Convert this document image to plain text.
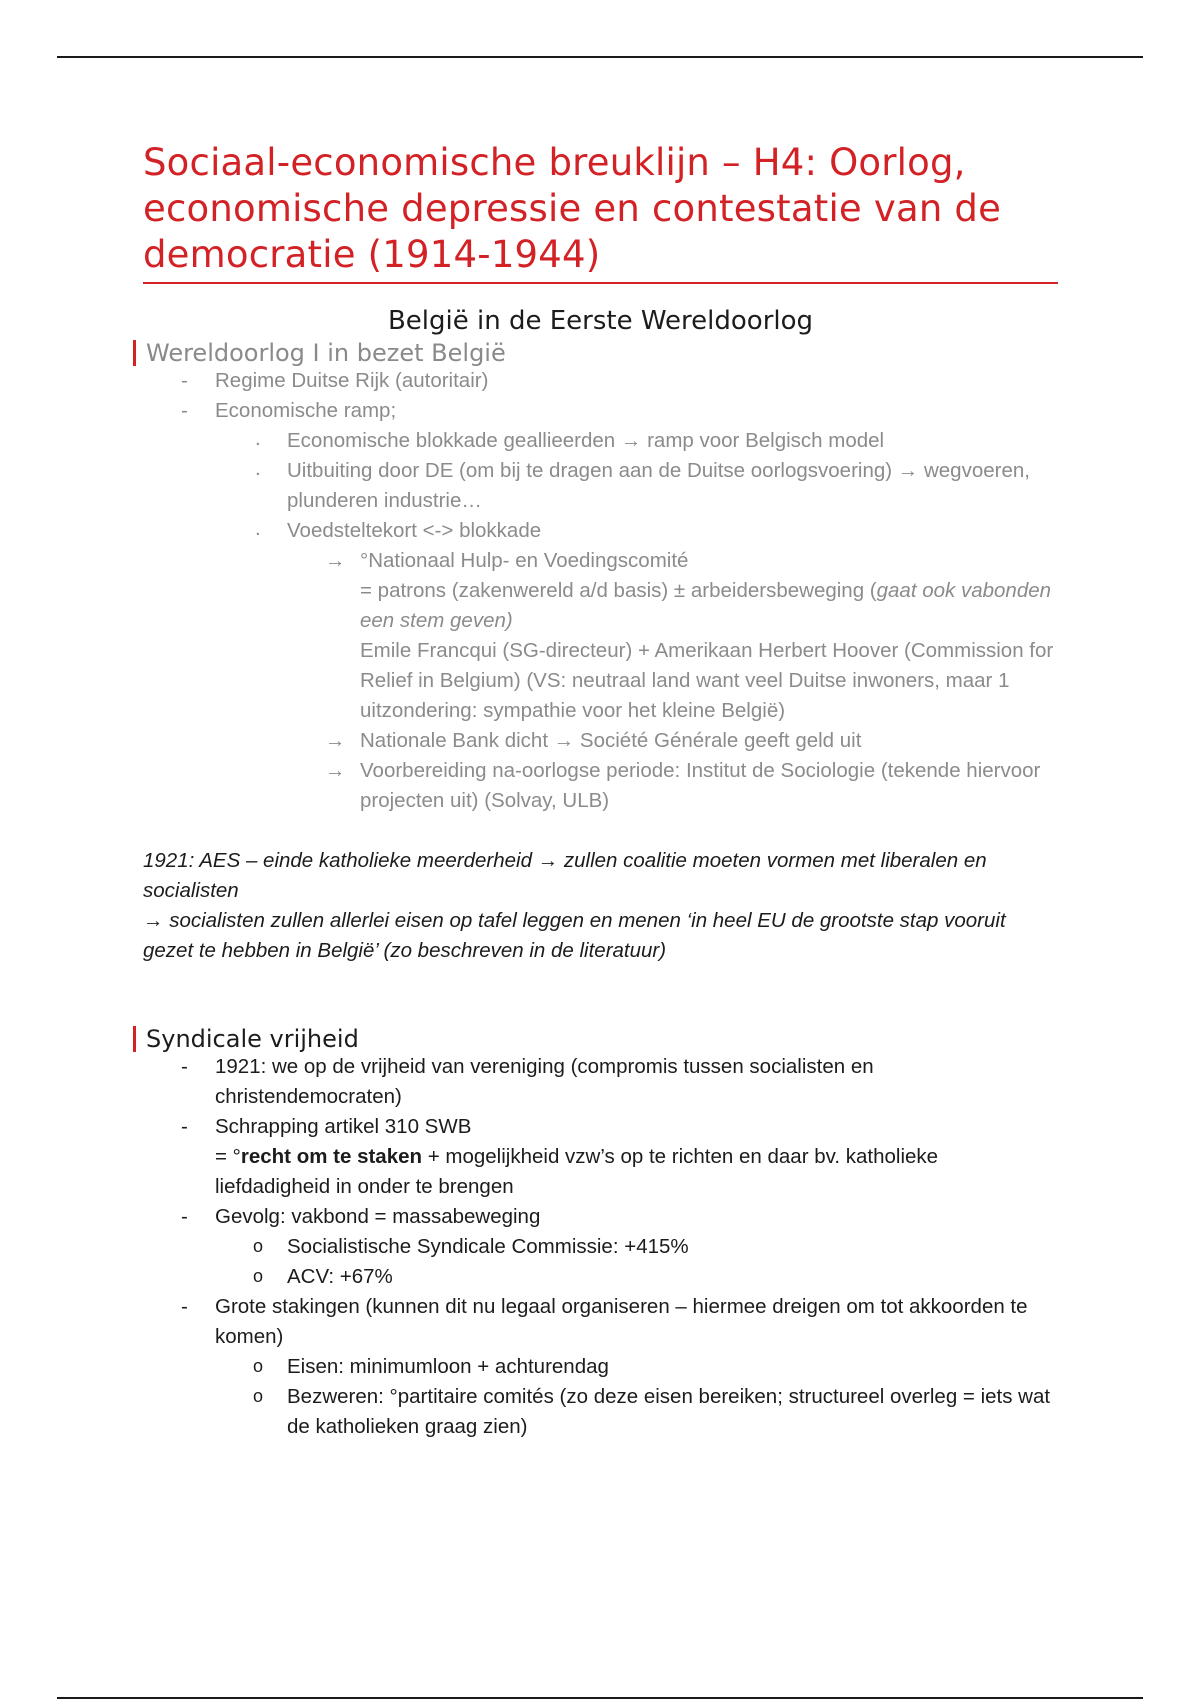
Sociaal-economische breuklijn – H4: Oorlog, economische depressie en contestatie van de democratie (1914-1944)
België in de Eerste Wereldoorlog
Wereldoorlog I in bezet België
- Regime Duitse Rijk (autoritair)
- Economische ramp;
. Economische blokkade geallieerden → ramp voor Belgisch model
. Uitbuiting door DE (om bij te dragen aan de Duitse oorlogsvoering) → wegvoeren, plunderen industrie…
. Voedsteltekort <-> blokkade
→ °Nationaal Hulp- en Voedingscomité
= patrons (zakenwereld a/d basis) ± arbeidersbeweging (gaat ook vabonden een stem geven)
Emile Francqui (SG-directeur) + Amerikaan Herbert Hoover (Commission for Relief in Belgium) (VS: neutraal land want veel Duitse inwoners, maar 1 uitzondering: sympathie voor het kleine België)
→ Nationale Bank dicht → Société Générale geeft geld uit
→ Voorbereiding na-oorlogse periode: Institut de Sociologie (tekende hiervoor projecten uit) (Solvay, ULB)

1921: AES – einde katholieke meerderheid → zullen coalitie moeten vormen met liberalen en socialisten

→ socialisten zullen allerlei eisen op tafel leggen en menen ‘in heel EU de grootste stap vooruit gezet te hebben in België’ (zo beschreven in de literatuur)

Syndicale vrijheid
- 1921: we op de vrijheid van vereniging (compromis tussen socialisten en christendemocraten)
- Schrapping artikel 310 SWB
= °recht om te staken + mogelijkheid vzw’s op te richten en daar bv. katholieke liefdadigheid in onder te brengen
- Gevolg: vakbond = massabeweging
o Socialistische Syndicale Commissie: +415%
o ACV: +67%
- Grote stakingen (kunnen dit nu legaal organiseren – hiermee dreigen om tot akkoorden te komen)
o Eisen: minimumloon + achturendag
o Bezweren: °partitaire comités (zo deze eisen bereiken; structureel overleg = iets wat de katholieken graag zien)
